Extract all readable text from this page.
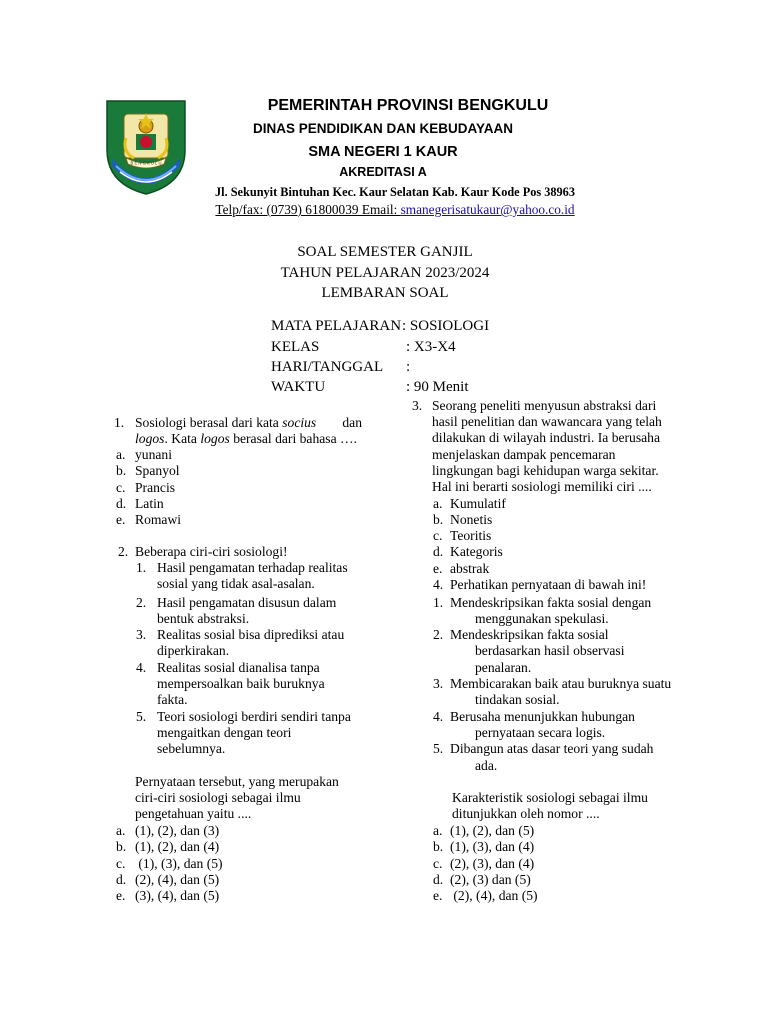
B E N G K U L U
PEMERINTAH PROVINSI BENGKULU
DINAS PENDIDIKAN DAN KEBUDAYAAN
SMA NEGERI 1 KAUR
AKREDITASI A
Jl. Sekunyit Bintuhan Kec. Kaur Selatan Kab. Kaur Kode Pos 38963
Telp/fax: (0739) 61800039 Email: smanegerisatukaur@yahoo.co.id
SOAL SEMESTER GANJIL
TAHUN PELAJARAN 2023/2024
LEMBARAN SOAL
MATA PELAJARAN : SOSIOLOGI
KELAS	: X3-X4
HARI/TANGGAL :
WAKTU	: 90 Menit
1. Sosiologi berasal dari kata socius dan
logos. Kata logos berasal dari bahasa ….
a. yunani
b. Spanyol
c. Prancis
d. Latin
e. Romawi
2. Beberapa ciri-ciri sosiologi!
1. Hasil pengamatan terhadap realitas
sosial yang tidak asal-asalan.
2. Hasil pengamatan disusun dalam
bentuk abstraksi.
3. Realitas sosial bisa diprediksi atau
diperkirakan.
4. Realitas sosial dianalisa tanpa
mempersoalkan baik buruknya
fakta.
5. Teori sosiologi berdiri sendiri tanpa
mengaitkan dengan teori
sebelumnya.
Pernyataan tersebut, yang merupakan
ciri-ciri sosiologi sebagai ilmu
pengetahuan yaitu ....
a. (1), (2), dan (3)
b. (1), (2), dan (4)
c. (1), (3), dan (5)
d. (2), (4), dan (5)
e. (3), (4), dan (5)
3. Seorang peneliti menyusun abstraksi dari
hasil penelitian dan wawancara yang telah
dilakukan di wilayah industri. Ia berusaha
menjelaskan dampak pencemaran
lingkungan bagi kehidupan warga sekitar.
Hal ini berarti sosiologi memiliki ciri ....
a. Kumulatif
b. Nonetis
c. Teoritis
d. Kategoris
e. abstrak
4. Perhatikan pernyataan di bawah ini!
1. Mendeskripsikan fakta sosial dengan
menggunakan spekulasi.
2. Mendeskripsikan fakta sosial
berdasarkan hasil observasi
penalaran.
3. Membicarakan baik atau buruknya suatu
tindakan sosial.
4. Berusaha menunjukkan hubungan
pernyataan secara logis.
5. Dibangun atas dasar teori yang sudah
ada.
Karakteristik sosiologi sebagai ilmu
ditunjukkan oleh nomor ....
a. (1), (2), dan (5)
b. (1), (3), dan (4)
c. (2), (3), dan (4)
d. (2), (3) dan (5)
e. (2), (4), dan (5)
